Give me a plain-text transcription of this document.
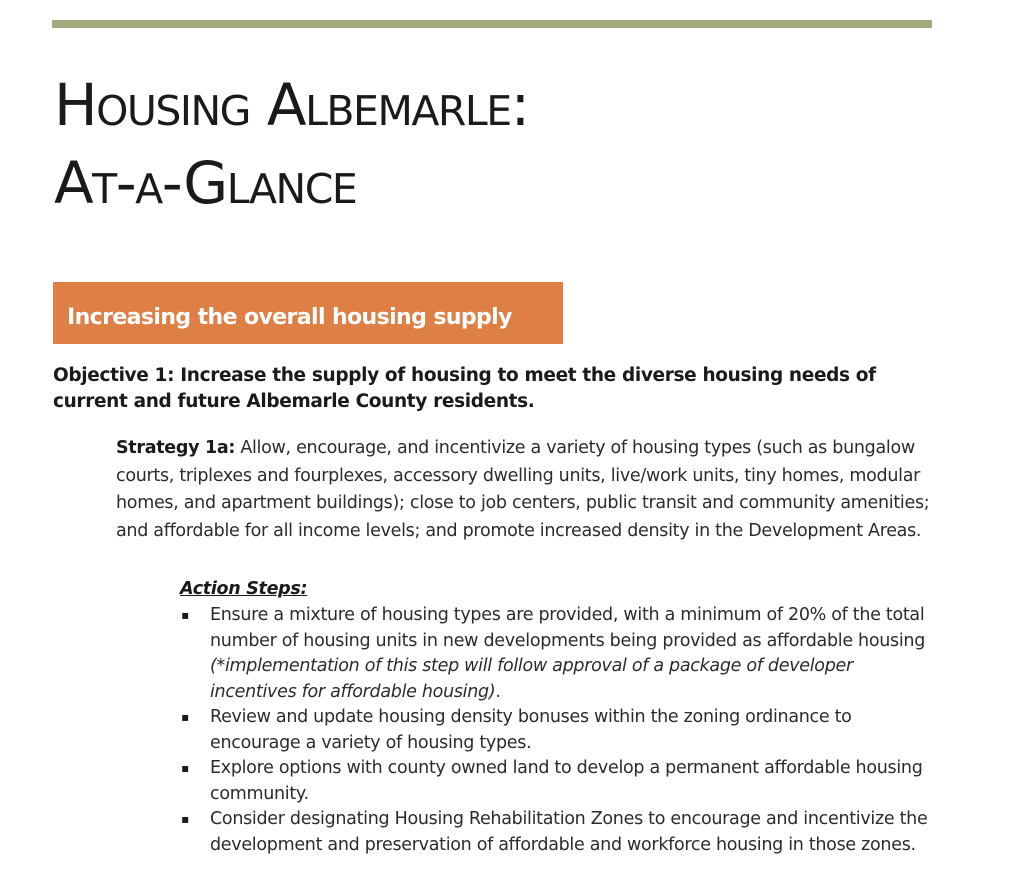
Housing Albemarle:
At-a-Glance
Increasing the overall housing supply

Objective 1: Increase the supply of housing to meet the diverse housing needs of current and future Albemarle County residents.

Strategy 1a: Allow, encourage, and incentivize a variety of housing types (such as bungalow courts, triplexes and fourplexes, accessory dwelling units, live/work units, tiny homes, modular homes, and apartment buildings); close to job centers, public transit and community amenities; and affordable for all income levels; and promote increased density in the Development Areas.

Action Steps:

▪ Ensure a mixture of housing types are provided, with a minimum of 20% of the total number of housing units in new developments being provided as affordable housing (*implementation of this step will follow approval of a package of developer incentives for affordable housing).
▪ Review and update housing density bonuses within the zoning ordinance to encourage a variety of housing types.
▪ Explore options with county owned land to develop a permanent affordable housing community.
▪ Consider designating Housing Rehabilitation Zones to encourage and incentivize the development and preservation of affordable and workforce housing in those zones.
